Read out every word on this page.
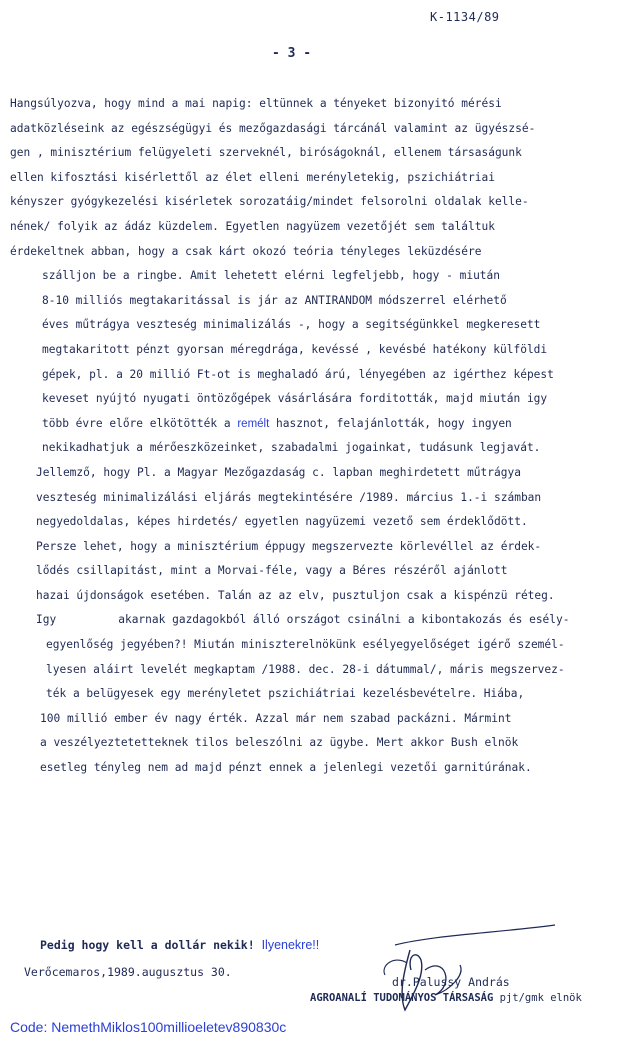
K-1134/89
- 3 -
Hangsúlyozva, hogy mind a mai napig: eltünnek a tényeket bizonyitó mérési
adatközléseink az egészségügyi és mezőgazdasági tárcánál valamint az ügyészsé-
gen , minisztérium felügyeleti szerveknél, biróságoknál, ellenem társaságunk
ellen kifosztási kisérlettől az élet elleni merényletekig, pszichiátriai
kényszer gyógykezelési kisérletek sorozatáig/mindet felsorolni oldalak kelle-
nének/ folyik az ádáz küzdelem. Egyetlen nagyüzem vezetőjét sem találtuk
érdekeltnek abban, hogy a csak kárt okozó teória tényleges leküzdésére
szálljon be a ringbe. Amit lehetett elérni legfeljebb, hogy - miután
8-10 milliós megtakaritással is jár az ANTIRANDOM módszerrel elérhető
éves műtrágya veszteség minimalizálás -, hogy a segitségünkkel megkeresett
megtakaritott pénzt gyorsan méregdrága, kevéssé , kevésbé hatékony külföldi
gépek, pl. a 20 millió Ft-ot is meghaladó árú, lényegében az igérthez képest
keveset nyújtó nyugati öntözőgépek vásárlására forditották, majd miután igy
több évre előre elkötötték a remélt hasznot, felajánlották, hogy ingyen
nekikadhatjuk a mérőeszközeinket, szabadalmi jogainkat, tudásunk legjavát.
Jellemző, hogy Pl. a Magyar Mezőgazdaság c. lapban meghirdetett műtrágya
veszteség minimalizálási eljárás megtekintésére /1989. március 1.-i számban
negyedoldalas, képes hirdetés/ egyetlen nagyüzemi vezető sem érdeklődött.
Persze lehet, hogy a minisztérium éppugy megszervezte körlevéllel az érdek-
lődés csillapitást, mint a Morvai-féle, vagy a Béres részéről ajánlott
hazai újdonságok esetében. Talán az az elv, pusztuljon csak a kispénzü réteg.
Igy	akarnak gazdagokból álló országot csinálni a kibontakozás és esély-
egyenlőség jegyében?! Miután miniszterelnökünk esélyegyelőséget igérő személ-
lyesen aláirt levelét megkaptam /1988. dec. 28-i dátummal/, máris megszervez-
ték a belügyesek egy merényletet pszichiátriai kezelésbevételre. Hiába,
100 millió ember év nagy érték. Azzal már nem szabad packázni. Mármint
a veszélyeztetetteknek tilos beleszólni az ügybe. Mert akkor Bush elnök
esetleg tényleg nem ad majd pénzt ennek a jelenlegi vezetői garnitúrának.
Pedig hogy kell a dollár nekik! Ilyenekre!!
Verőcemaros,1989.augusztus 30.
dr.Palussy András
AGROANALÍ TUDOMÁNYOS TÁRSASÁG pjt/gmk elnök
Code: NemethMiklos100millioeletev890830c
